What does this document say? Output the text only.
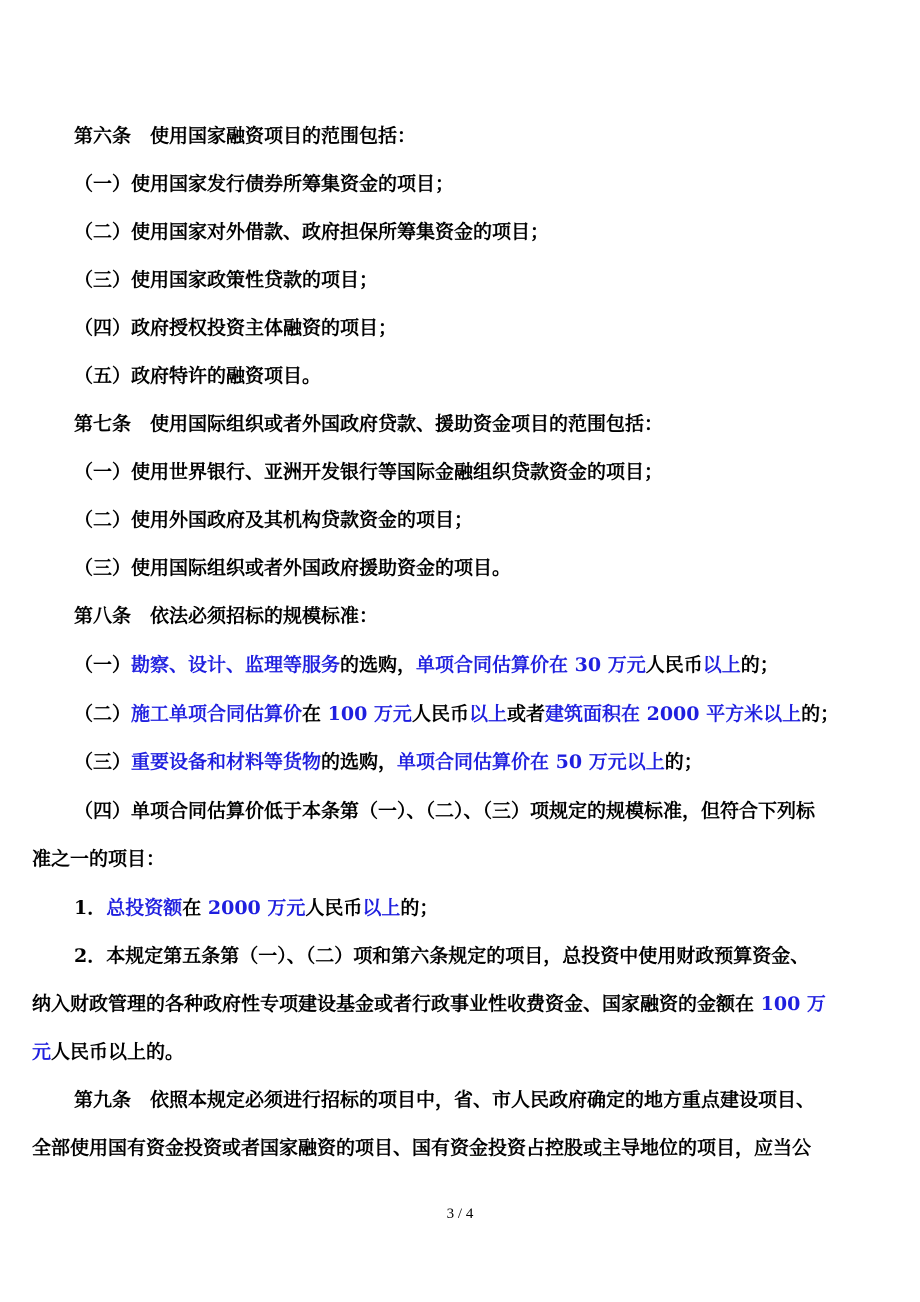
第六条　使用国家融资项目的范围包括：
（一）使用国家发行债券所筹集资金的项目；
（二）使用国家对外借款、政府担保所筹集资金的项目；
（三）使用国家政策性贷款的项目；
（四）政府授权投资主体融资的项目；
（五）政府特许的融资项目。
第七条　使用国际组织或者外国政府贷款、援助资金项目的范围包括：
（一）使用世界银行、亚洲开发银行等国际金融组织贷款资金的项目；
（二）使用外国政府及其机构贷款资金的项目；
（三）使用国际组织或者外国政府援助资金的项目。
第八条　依法必须招标的规模标准：
（一）勘察、设计、监理等服务的选购，单项合同估算价在 30 万元人民币以上的；
（二）施工单项合同估算价在 100 万元人民币以上或者建筑面积在 2000 平方米以上的；
（三）重要设备和材料等货物的选购，单项合同估算价在 50 万元以上的；
（四）单项合同估算价低于本条第（一）、（二）、（三）项规定的规模标准，但符合下列标
准之一的项目：
1．总投资额在 2000 万元人民币以上的；
2．本规定第五条第（一）、（二）项和第六条规定的项目，总投资中使用财政预算资金、
纳入财政管理的各种政府性专项建设基金或者行政事业性收费资金、国家融资的金额在 100 万
元人民币以上的。
第九条　依照本规定必须进行招标的项目中，省、市人民政府确定的地方重点建设项目、
全部使用国有资金投资或者国家融资的项目、国有资金投资占控股或主导地位的项目，应当公
3 / 4
